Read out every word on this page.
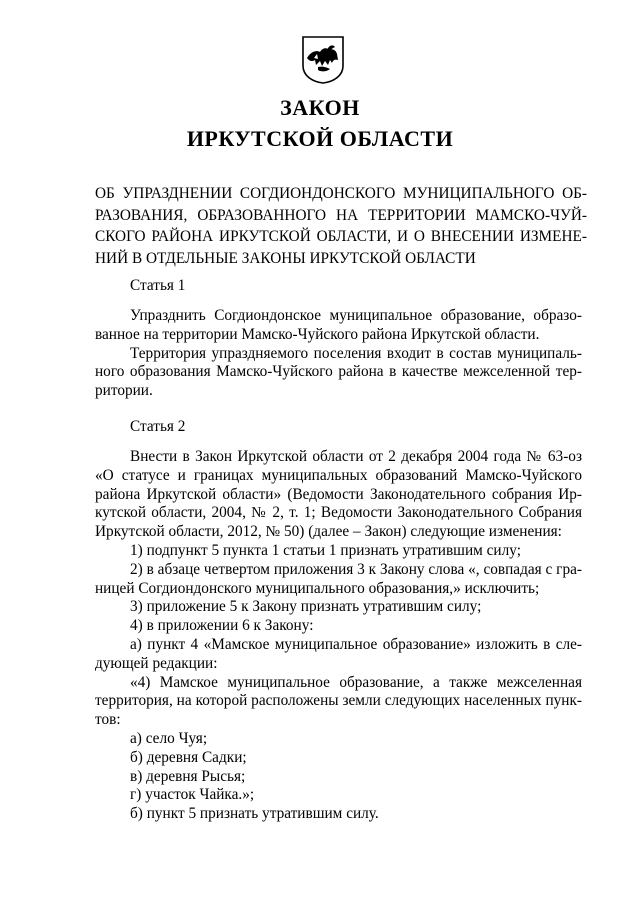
ЗАКОН
ИРКУТСКОЙ ОБЛАСТИ
ОБ УПРАЗДНЕНИИ СОГДИОНДОНСКОГО МУНИЦИПАЛЬНОГО ОБ-
РАЗОВАНИЯ, ОБРАЗОВАННОГО НА ТЕРРИТОРИИ МАМСКО-ЧУЙ-
СКОГО РАЙОНА ИРКУТСКОЙ ОБЛАСТИ, И О ВНЕСЕНИИ ИЗМЕНЕ-
НИЙ В ОТДЕЛЬНЫЕ ЗАКОНЫ ИРКУТСКОЙ ОБЛАСТИ
Статья 1
Упразднить Согдиондонское муниципальное образование, образо-
ванное на территории Мамско-Чуйского района Иркутской области.
Территория упраздняемого поселения входит в состав муниципаль-
ного образования Мамско-Чуйского района в качестве межселенной тер-
ритории.
Статья 2
Внести в Закон Иркутской области от 2 декабря 2004 года № 63-оз
«О статусе и границах муниципальных образований Мамско-Чуйского
района Иркутской области» (Ведомости Законодательного собрания Ир-
кутской области, 2004, № 2, т. 1; Ведомости Законодательного Собрания
Иркутской области, 2012, № 50) (далее – Закон) следующие изменения:
1) подпункт 5 пункта 1 статьи 1 признать утратившим силу;
2) в абзаце четвертом приложения 3 к Закону слова «, совпадая с гра-
ницей Согдиондонского муниципального образования,» исключить;
3) приложение 5 к Закону признать утратившим силу;
4) в приложении 6 к Закону:
а) пункт 4 «Мамское муниципальное образование» изложить в сле-
дующей редакции:
«4) Мамское муниципальное образование, а также межселенная
территория, на которой расположены земли следующих населенных пунк-
тов:
а) село Чуя;
б) деревня Садки;
в) деревня Рысья;
г) участок Чайка.»;
б) пункт 5 признать утратившим силу.
